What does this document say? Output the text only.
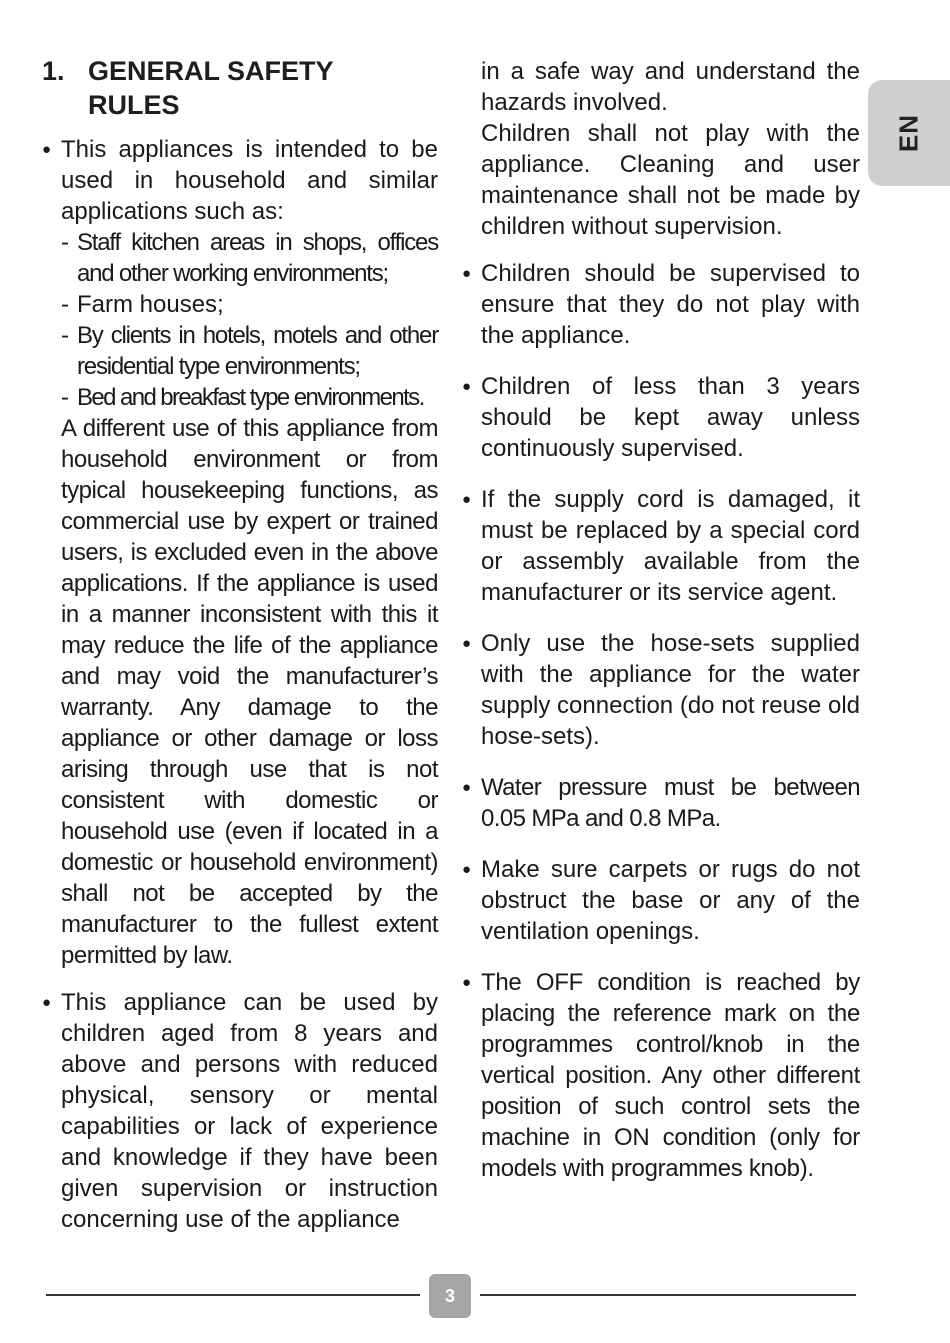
EN
1. GENERAL SAFETY
RULES
● This appliances is intended to be used in household and similar applications such as:
- Staff kitchen areas in shops, offices and other working environments;
- Farm houses;
- By clients in hotels, motels and other residential type environments;
- Bed and breakfast type environments.
A different use of this appliance from household environment or from typical housekeeping functions, as commercial use by expert or trained users, is excluded even in the above applications. If the appliance is used in a manner inconsistent with this it may reduce the life of the appliance and may void the manufacturer’s warranty. Any damage to the appliance or other damage or loss arising through use that is not consistent with domestic or household use (even if located in a domestic or household environment) shall not be accepted by the manufacturer to the fullest extent permitted by law.
● This appliance can be used by children aged from 8 years and above and persons with reduced physical, sensory or mental capabilities or lack of experience and knowledge if they have been given supervision or instruction concerning use of the appliance
in a safe way and understand the hazards involved.
Children shall not play with the appliance. Cleaning and user maintenance shall not be made by children without supervision.
● Children should be supervised to ensure that they do not play with the appliance.
● Children of less than 3 years should be kept away unless continuously supervised.
● If the supply cord is damaged, it must be replaced by a special cord or assembly available from the manufacturer or its service agent.
● Only use the hose-sets supplied with the appliance for the water supply connection (do not reuse old hose-sets).
● Water pressure must be between 0.05 MPa and 0.8 MPa.
● Make sure carpets or rugs do not obstruct the base or any of the ventilation openings.
● The OFF condition is reached by placing the reference mark on the programmes control/knob in the vertical position. Any other different position of such control sets the machine in ON condition (only for models with programmes knob).
3
